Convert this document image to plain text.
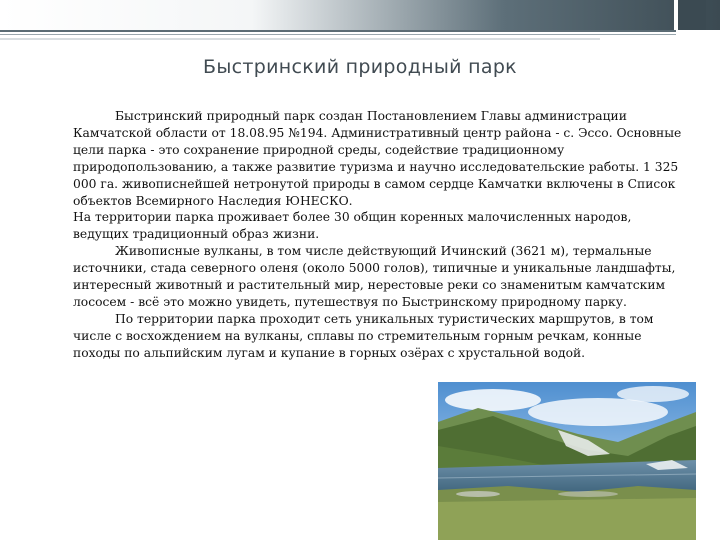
Быстринский природный парк

Быстринский природный парк создан Постановлением Главы администрации Камчатской области от 18.08.95 №194. Административный центр района - с. Эссо. Основные цели парка - это сохранение природной среды, содействие традиционному природопользованию, а также развитие туризма и научно исследовательские работы. 1 325 000 га. живописнейшей нетронутой природы в самом сердце Камчатки включены в Список объектов Всемирного Наследия ЮНЕСКО.

На территории парка проживает более 30 общин коренных малочисленных народов, ведущих традиционный образ жизни.

Живописные вулканы, в том числе действующий Ичинский (3621 м), термальные источники, стада северного оленя (около 5000 голов), типичные и уникальные ландшафты, интересный животный и растительный мир, нерестовые реки со знаменитым камчатским лососем - всё это можно увидеть, путешествуя по Быстринскому природному парку.

По территории парка проходит сеть уникальных туристических маршрутов, в том числе с восхождением на вулканы, сплавы по стремительным горным речкам, конные походы по альпийским лугам и купание в горных озёрах с хрустальной водой.
